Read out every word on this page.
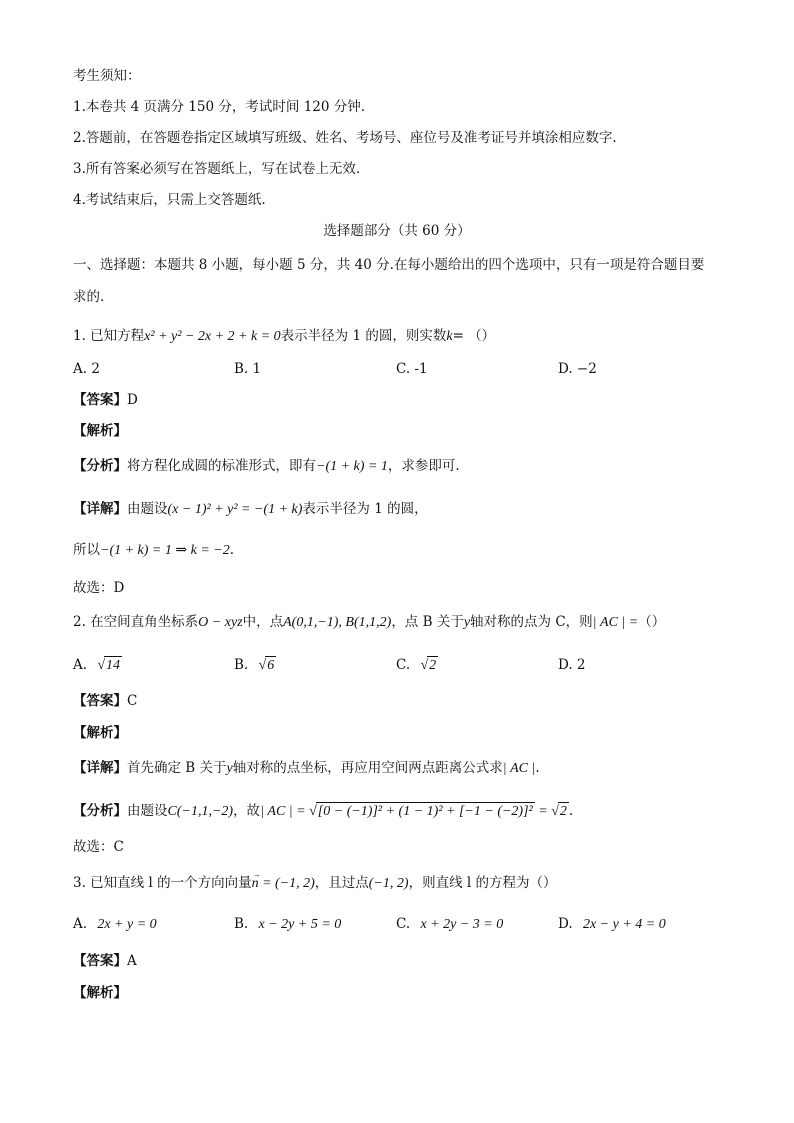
考生须知：
1.本卷共 4 页满分 150 分，考试时间 120 分钟.
2.答题前，在答题卷指定区域填写班级、姓名、考场号、座位号及准考证号并填涂相应数字.
3.所有答案必须写在答题纸上，写在试卷上无效.
4.考试结束后，只需上交答题纸.
选择题部分（共 60 分）
一、选择题：本题共 8 小题，每小题 5 分，共 40 分.在每小题给出的四个选项中，只有一项是符合题目要
求的.
1. 已知方程x² + y² − 2x + 2 + k = 0表示半径为 1 的圆，则实数k= （）
A. 2	B. 1	C. -1	D. −2
【答案】D
【解析】
【分析】将方程化成圆的标准形式，即有−(1 + k) = 1，求参即可.
【详解】由题设(x − 1)² + y² = −(1 + k)表示半径为 1 的圆，
所以−(1 + k) = 1 ⇒ k = −2.
故选：D
2. 在空间直角坐标系O − xyz中，点A(0,1,−1), B(1,1,2)，点 B 关于y轴对称的点为 C，则| AC | =（）
A. √14	B. √6	C. √2	D. 2
【答案】C
【解析】
【详解】首先确定 B 关于y轴对称的点坐标，再应用空间两点距离公式求| AC |.
【分析】由题设C(−1,1,−2)，故| AC | = √[0 − (−1)]² + (1 − 1)² + [−1 − (−2)]² = √2 .
故选：C
3. 已知直线 l 的一个方向向量
→
n = (−1, 2)，且过点(−1, 2)，则直线 l 的方程为（）
A. 2x + y = 0	B. x − 2y + 5 = 0	C. x + 2y − 3 = 0	D. 2x − y + 4 = 0
【答案】A
【解析】
